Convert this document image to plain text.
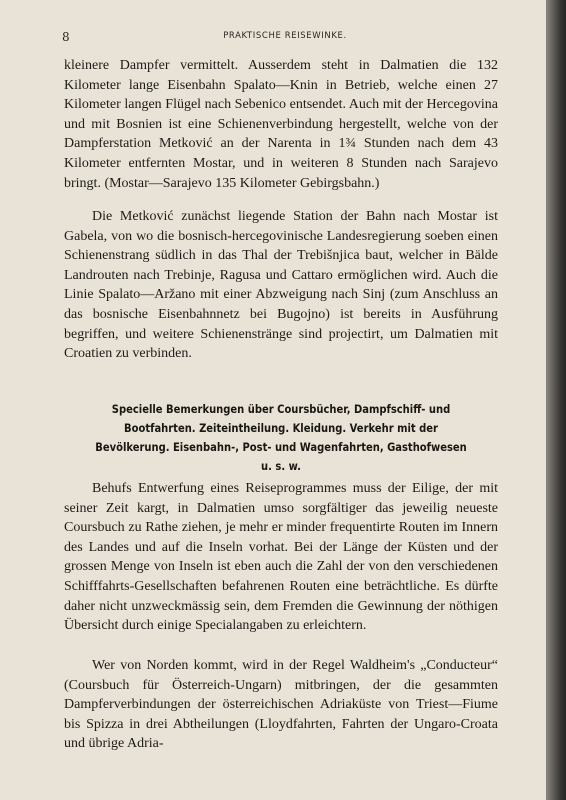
8	PRAKTISCHE REISEWINKE.

kleinere Dampfer vermittelt. Ausserdem steht in Dalmatien die 132 Kilometer lange Eisenbahn Spalato—Knin in Betrieb, welche einen 27 Kilometer langen Flügel nach Sebenico entsendet. Auch mit der Hercegovina und mit Bosnien ist eine Schienenverbindung hergestellt, welche von der Dampferstation Metković an der Narenta in 1¾ Stunden nach dem 43 Kilometer entfernten Mostar, und in weiteren 8 Stunden nach Sarajevo bringt. (Mostar—Sarajevo 135 Kilometer Gebirgsbahn.)

Die Metković zunächst liegende Station der Bahn nach Mostar ist Gabela, von wo die bosnisch-hercegovinische Landesregierung soeben einen Schienenstrang südlich in das Thal der Trebišnjica baut, welcher in Bälde Landrouten nach Trebinje, Ragusa und Cattaro ermöglichen wird. Auch die Linie Spalato—Aržano mit einer Abzweigung nach Sinj (zum Anschluss an das bosnische Eisenbahnnetz bei Bugojno) ist bereits in Ausführung begriffen, und weitere Schienenstränge sind projectirt, um Dalmatien mit Croatien zu verbinden.

Specielle Bemerkungen über Coursbücher, Dampfschiff- und Bootfahrten. Zeiteintheilung. Kleidung. Verkehr mit der Bevölkerung. Eisenbahn-, Post- und Wagenfahrten, Gasthofwesen u. s. w.

Behufs Entwerfung eines Reiseprogrammes muss der Eilige, der mit seiner Zeit kargt, in Dalmatien umso sorgfältiger das jeweilig neueste Coursbuch zu Rathe ziehen, je mehr er minder frequentirte Routen im Innern des Landes und auf die Inseln vorhat. Bei der Länge der Küsten und der grossen Menge von Inseln ist eben auch die Zahl der von den verschiedenen Schifffahrts-Gesellschaften befahrenen Routen eine beträchtliche. Es dürfte daher nicht unzweckmässig sein, dem Fremden die Gewinnung der nöthigen Übersicht durch einige Specialangaben zu erleichtern.

Wer von Norden kommt, wird in der Regel Waldheim's „Conducteur“ (Coursbuch für Österreich-Ungarn) mitbringen, der die gesammten Dampferverbindungen der österreichischen Adriaküste von Triest—Fiume bis Spizza in drei Abtheilungen (Lloydfahrten, Fahrten der Ungaro-Croata und übrige Adria-
